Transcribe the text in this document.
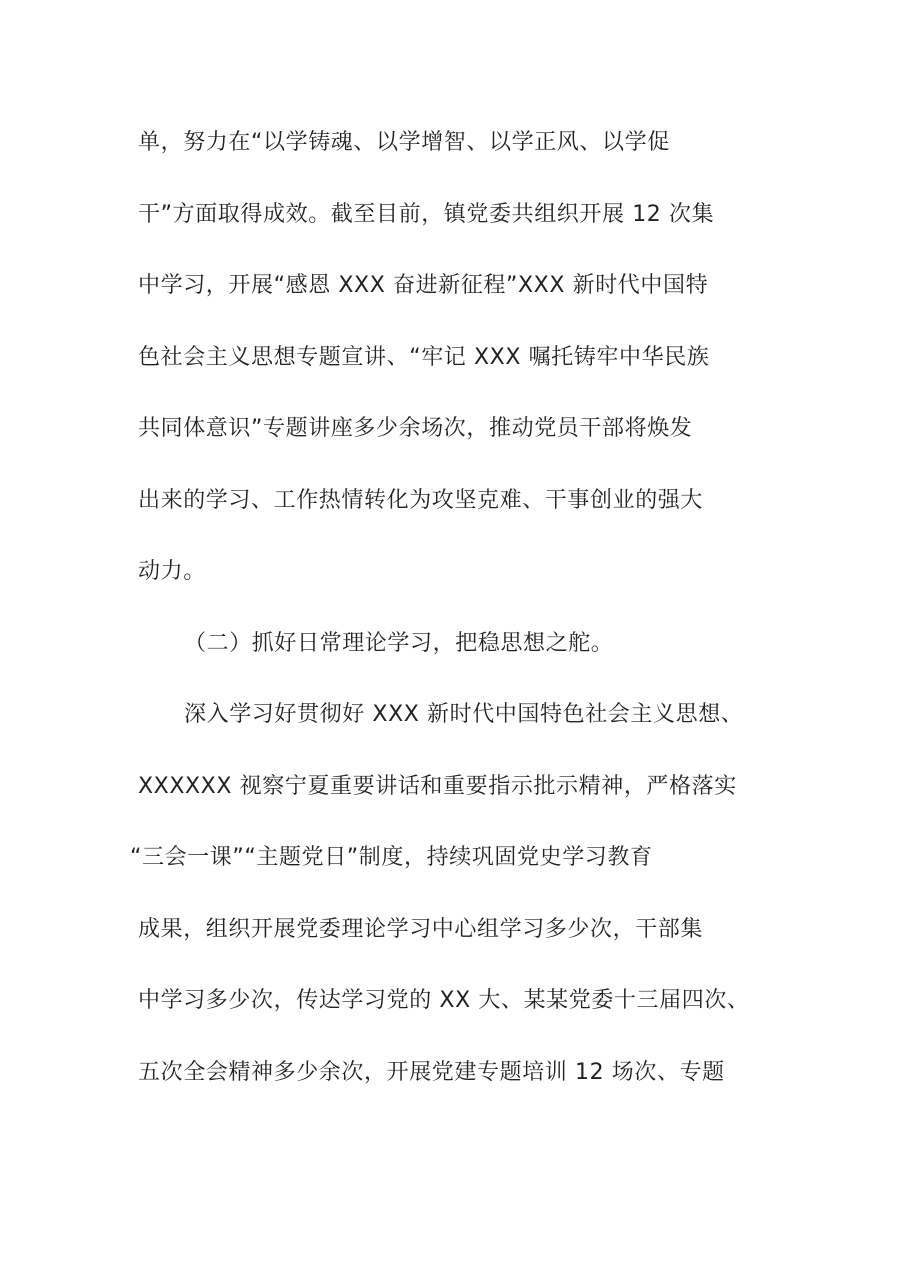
单，努力在“以学铸魂、以学增智、以学正风、以学促
干”方面取得成效。截至目前，镇党委共组织开展 12 次集
中学习，开展“感恩 XXX 奋进新征程”XXX 新时代中国特
色社会主义思想专题宣讲、“牢记 XXX 嘱托铸牢中华民族
共同体意识”专题讲座多少余场次，推动党员干部将焕发
出来的学习、工作热情转化为攻坚克难、干事创业的强大
动力。
（二）抓好日常理论学习，把稳思想之舵。
深入学习好贯彻好 XXX 新时代中国特色社会主义思想、
XXXXXX 视察宁夏重要讲话和重要指示批示精神，严格落实
“三会一课”“主题党日”制度，持续巩固党史学习教育
成果，组织开展党委理论学习中心组学习多少次，干部集
中学习多少次，传达学习党的 XX 大、某某党委十三届四次、
五次全会精神多少余次，开展党建专题培训 12 场次、专题
